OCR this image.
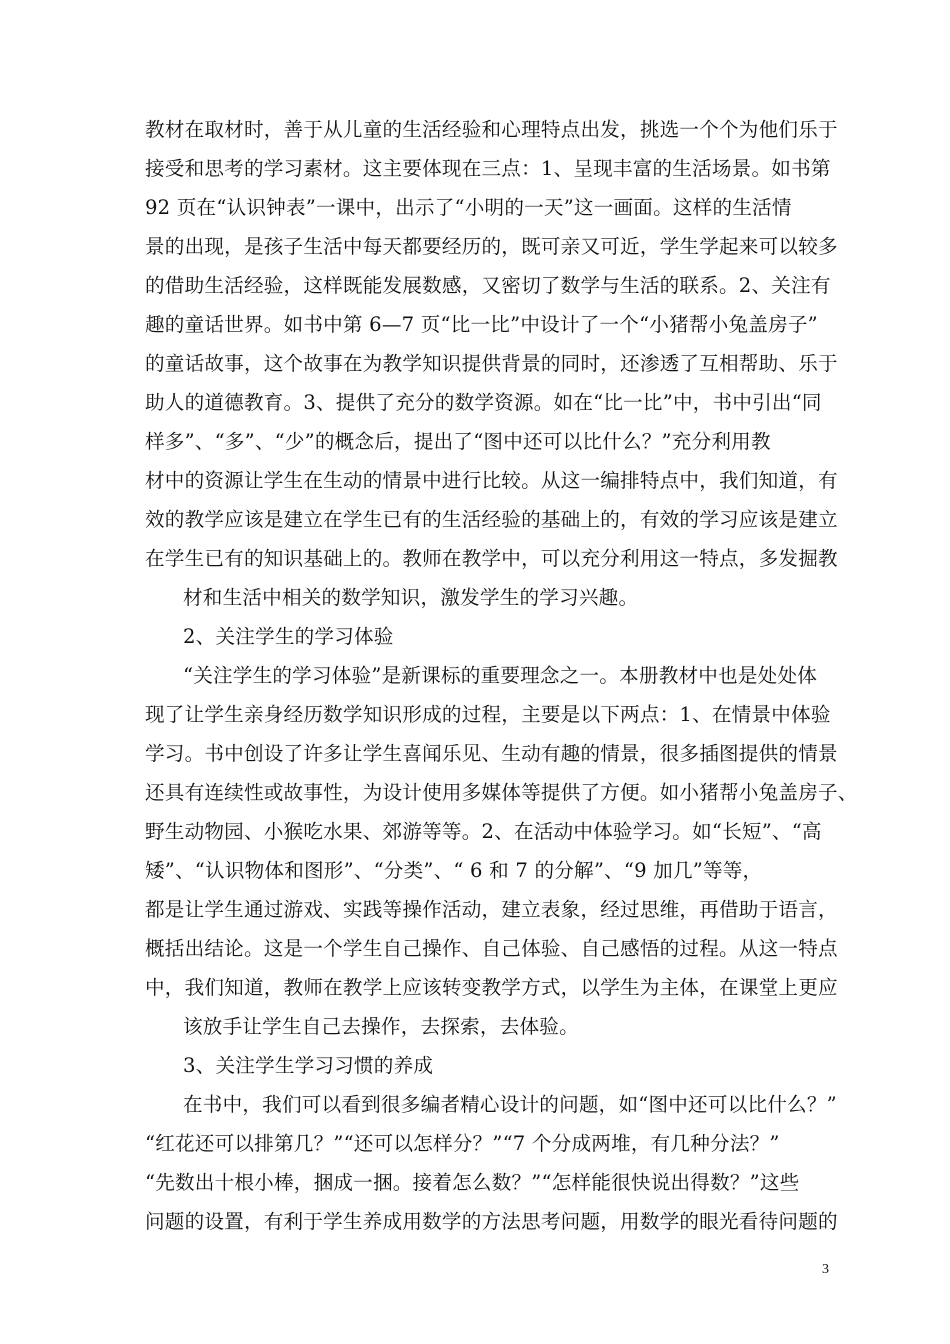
教材在取材时，善于从儿童的生活经验和心理特点出发，挑选一个个为他们乐于
接受和思考的学习素材。这主要体现在三点：1、呈现丰富的生活场景。如书第
92 页在“认识钟表”一课中，出示了“小明的一天”这一画面。这样的生活情
景的出现，是孩子生活中每天都要经历的，既可亲又可近，学生学起来可以较多
的借助生活经验，这样既能发展数感，又密切了数学与生活的联系。2、关注有
趣的童话世界。如书中第 6—7 页“比一比”中设计了一个“小猪帮小兔盖房子”
的童话故事，这个故事在为教学知识提供背景的同时，还渗透了互相帮助、乐于
助人的道德教育。3、提供了充分的数学资源。如在“比一比”中，书中引出“同
样多”、“多”、“少”的概念后，提出了“图中还可以比什么？”充分利用教
材中的资源让学生在生动的情景中进行比较。从这一编排特点中，我们知道，有
效的教学应该是建立在学生已有的生活经验的基础上的，有效的学习应该是建立
在学生已有的知识基础上的。教师在教学中，可以充分利用这一特点，多发掘教
材和生活中相关的数学知识，激发学生的学习兴趣。
2、关注学生的学习体验
“关注学生的学习体验”是新课标的重要理念之一。本册教材中也是处处体
现了让学生亲身经历数学知识形成的过程，主要是以下两点：1、在情景中体验
学习。书中创设了许多让学生喜闻乐见、生动有趣的情景，很多插图提供的情景
还具有连续性或故事性，为设计使用多媒体等提供了方便。如小猪帮小兔盖房子、
野生动物园、小猴吃水果、郊游等等。2、在活动中体验学习。如“长短”、“高
矮”、“认识物体和图形”、“分类”、“ 6 和 7 的分解”、“9 加几”等等，
都是让学生通过游戏、实践等操作活动，建立表象，经过思维，再借助于语言，
概括出结论。这是一个学生自己操作、自己体验、自己感悟的过程。从这一特点
中，我们知道，教师在教学上应该转变教学方式，以学生为主体，在课堂上更应
该放手让学生自己去操作，去探索，去体验。
3、关注学生学习习惯的养成
在书中，我们可以看到很多编者精心设计的问题，如“图中还可以比什么？”
“红花还可以排第几？”“还可以怎样分？”“7 个分成两堆，有几种分法？”
“先数出十根小棒，捆成一捆。接着怎么数？”“怎样能很快说出得数？”这些
问题的设置，有利于学生养成用数学的方法思考问题，用数学的眼光看待问题的
3
